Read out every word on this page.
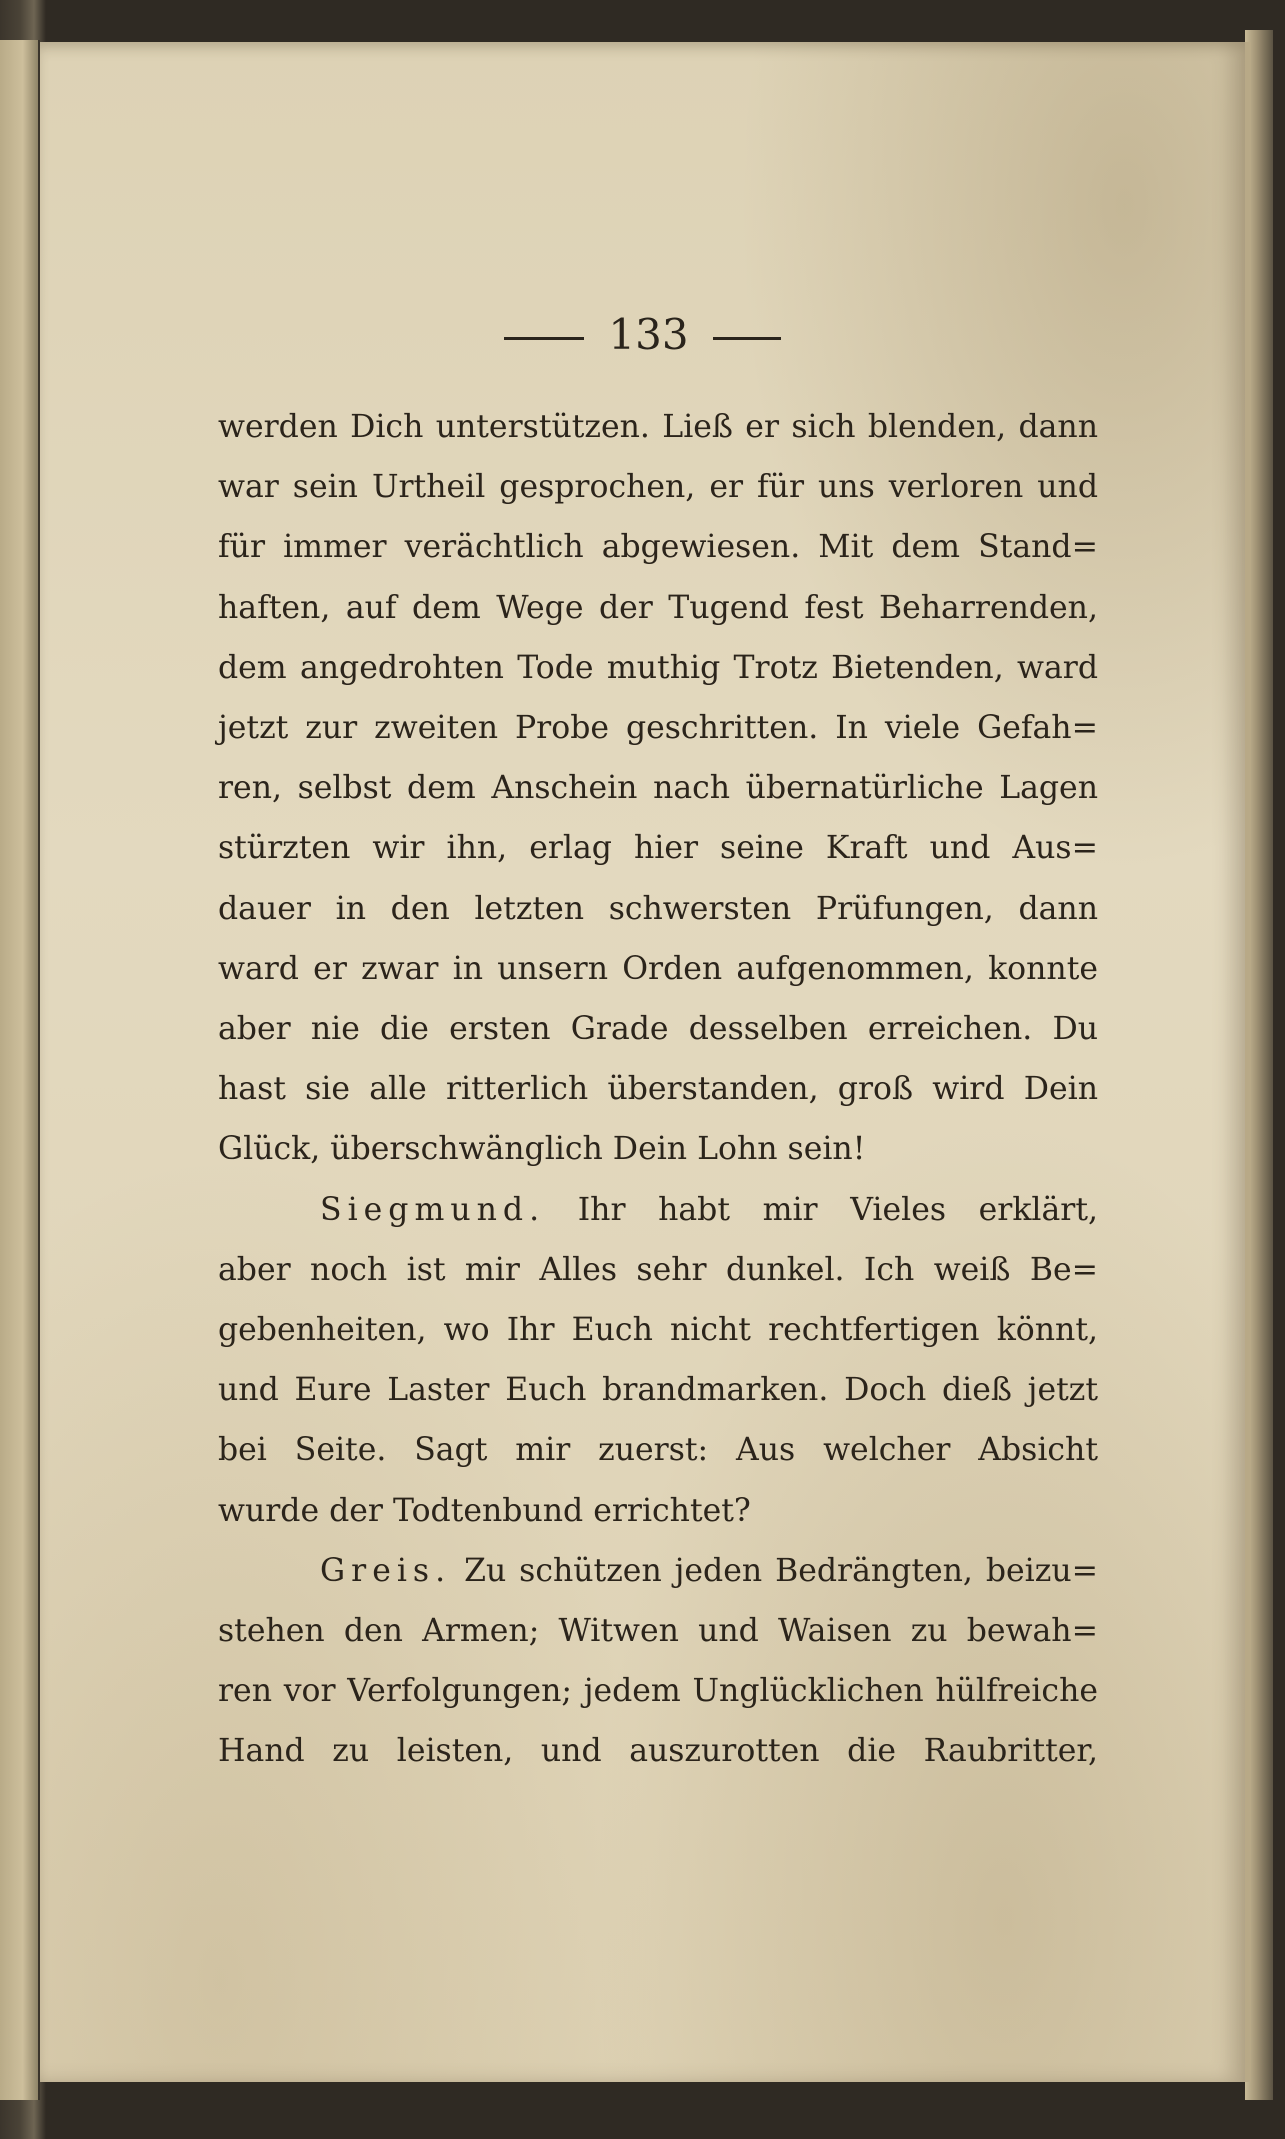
133
werden Dich unterstützen. Ließ er sich blenden, dann
war sein Urtheil gesprochen, er für uns verloren und
für immer verächtlich abgewiesen. Mit dem Stand=
haften, auf dem Wege der Tugend fest Beharrenden,
dem angedrohten Tode muthig Trotz Bietenden, ward
jetzt zur zweiten Probe geschritten. In viele Gefah=
ren, selbst dem Anschein nach übernatürliche Lagen
stürzten wir ihn, erlag hier seine Kraft und Aus=
dauer in den letzten schwersten Prüfungen, dann
ward er zwar in unsern Orden aufgenommen, konnte
aber nie die ersten Grade desselben erreichen. Du
hast sie alle ritterlich überstanden, groß wird Dein
Glück, überschwänglich Dein Lohn sein!
Siegmund. Ihr habt mir Vieles erklärt,
aber noch ist mir Alles sehr dunkel. Ich weiß Be=
gebenheiten, wo Ihr Euch nicht rechtfertigen könnt,
und Eure Laster Euch brandmarken. Doch dieß jetzt
bei Seite. Sagt mir zuerst: Aus welcher Absicht
wurde der Todtenbund errichtet?
Greis. Zu schützen jeden Bedrängten, beizu=
stehen den Armen; Witwen und Waisen zu bewah=
ren vor Verfolgungen; jedem Unglücklichen hülfreiche
Hand zu leisten, und auszurotten die Raubritter,
